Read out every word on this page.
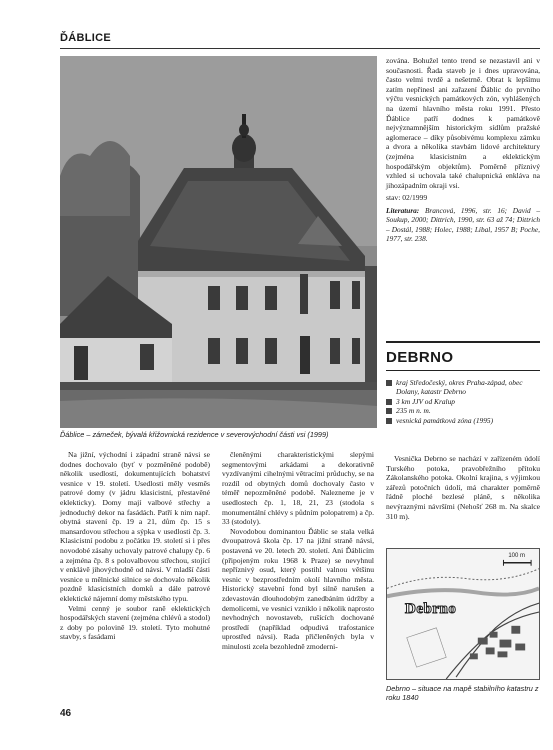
ĎÁBLICE
Ďáblice – zámeček, bývalá křižovnická rezidence v severovýchodní části vsi (1999)

Na jižní, východní i západní straně návsi se dodnes dochovalo (byť v pozměněné podobě) několik usedlostí, dokumentujících bohatství vesnice v 19. století. Usedlosti měly vesměs patrové domy (v jádru klasicistní, přestavěné eklekticky). Domy mají valbové střechy a jednoduchý dekor na fasádách. Patří k nim např. obytná stavení čp. 19 a 21, dům čp. 15 s mansardovou střechou a sýpka v usedlosti čp. 3. Klasicistní podobu z počátku 19. století si i přes novodobé zásahy uchovaly patrové chalupy čp. 6 a zejména čp. 8 s polovalbovou střechou, stojící v enklávě jihovýchodně od návsi. V mladší části vesnice u mělnické silnice se dochovalo několik pozdně klasicistních domků a dále patrové eklektické nájemní domy městského typu.

Velmi cenný je soubor raně eklektických hospodářských stavení (zejména chlévů a stodol) z doby po polovině 19. století. Tyto mohutné stavby, s fasádami

členěnými charakteristickými slepými segmentovými arkádami a dekorativně vyzdívanými cihelnými větracími průduchy, se na rozdíl od obytných domů dochovaly často v téměř nepozměněné podobě. Nalezneme je v usedlostech čp. 1, 18, 21, 23 (stodola s monumentální chlévy s půdním polopatrem) a čp. 33 (stodoly).

Novodobou dominantou Ďáblic se stala velká dvoupatrová škola čp. 17 na jižní straně návsi, postavená ve 20. letech 20. století. Ani Ďáblicím (připojeným roku 1968 k Praze) se nevyhnul nepříznivý osud, který postihl valnou většinu vesnic v bezprostředním okolí hlavního města. Historický stavební fond byl silně narušen a zdevastován dlouhodobým zanedbáním údržby a demolicemi, ve vesnici vzniklo i několik naprosto nevhodných novostaveb, rušících dochované prostředí (například odpudivá trafostanice uprostřed návsi). Rada přičleněných byla v minulosti zcela bezohledně zmoderni-

zována. Bohužel tento trend se nezastavil ani v současnosti. Řada staveb je i dnes upravována, často velmi tvrdě a nešetrně. Obrat k lepšímu zatím nepřinesl ani zařazení Ďáblic do prvního výčtu vesnických památkových zón, vyhlášených na území hlavního města roku 1991. Přesto Ďáblice patří dodnes k památkově nejvýznamnějším historickým sídlům pražské aglomerace – díky působivému komplexu zámku a dvora a několika stavbám lidové architektury (zejména klasicistním a eklektickým hospodářským objektům). Poměrně příznivý vzhled si uchovala také chalupnická enkláva na jihozápadním okraji vsi.

stav: 02/1999

Literatura: Brancová, 1996, str. 16; David – Soukup, 2000; Dittrich, 1990, str. 63 až 74; Dittrich – Dostál, 1988; Holec, 1988; Líbal, 1957 B; Poche, 1977, str. 238.

DEBRNO
kraj Středočeský, okres Praha-západ, obec Dolany, katastr Debrno
3 km JJV od Kralup
235 m n. m.
vesnická památková zóna (1995)

Vesnička Debrno se nachází v zařízeném údolí Turského potoka, pravobřežního přítoku Zákolanského potoka. Okolní krajina, s výjimkou zářezů potočních údolí, má charakter poměrně řádně ploché bezlesé pláně, s několika nevýraznými návršími (Nehošť 268 m. Na skalce 310 m).

100 m
Debrno
Debrno – situace na mapě stabilního katastru z roku 1840
46
